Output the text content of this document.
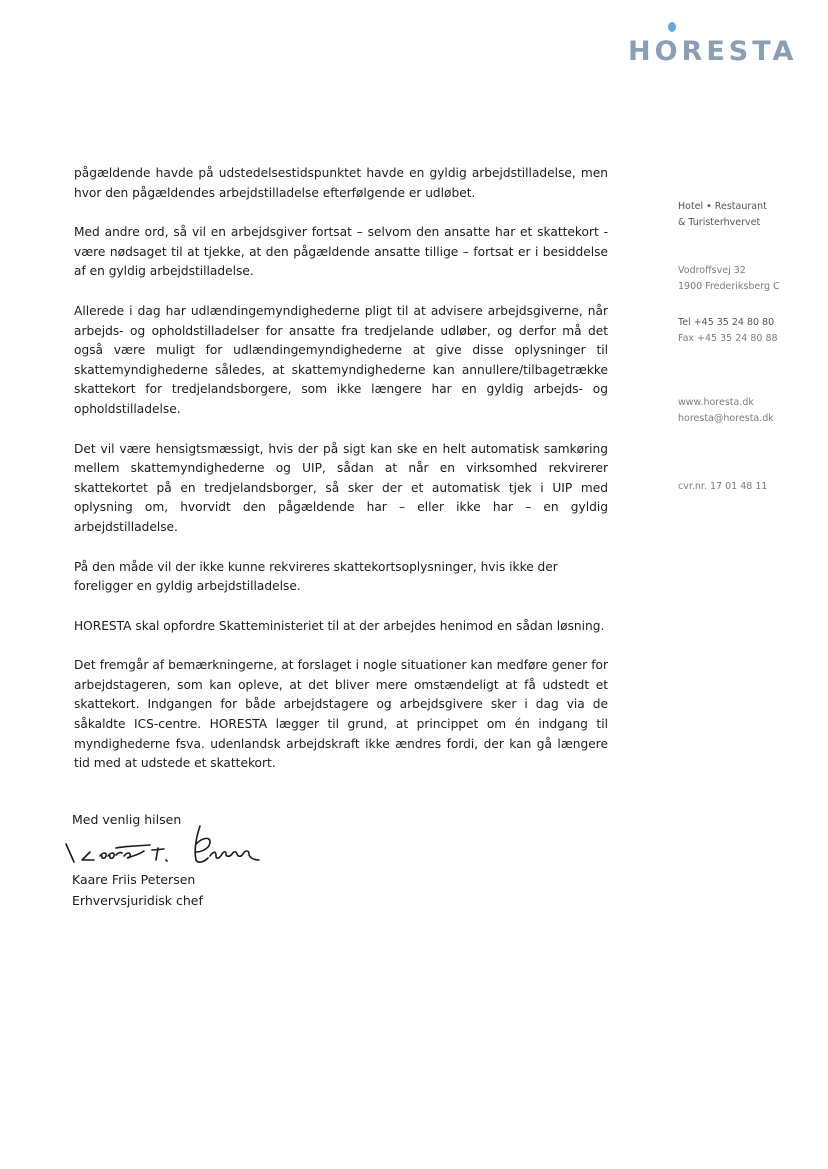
HORESTA
Hotel • Restaurant
& Turisterhvervet
Vodroffsvej 32
1900 Frederiksberg C
Tel +45 35 24 80 80
Fax +45 35 24 80 88
www.horesta.dk
horesta@horesta.dk
cvr.nr. 17 01 48 11

pågældende havde på udstedelsestidspunktet havde en gyldig arbejdstilladelse, men hvor den pågældendes arbejdstilladelse efterfølgende er udløbet.

Med andre ord, så vil en arbejdsgiver fortsat – selvom den ansatte har et skattekort - være nødsaget til at tjekke, at den pågældende ansatte tillige – fortsat er i besiddelse af en gyldig arbejdstilladelse.

Allerede i dag har udlændingemyndighederne pligt til at advisere arbejdsgiverne, når arbejds- og opholdstilladelser for ansatte fra tredjelande udløber, og derfor må det også være muligt for udlændingemyndighederne at give disse oplysninger til skattemyndighederne således, at skattemyndighederne kan annullere/tilbagetrække skattekort for tredjelandsborgere, som ikke længere har en gyldig arbejds- og opholdstilladelse.

Det vil være hensigtsmæssigt, hvis der på sigt kan ske en helt automatisk samkøring mellem skattemyndighederne og UIP, sådan at når en virksomhed rekvirerer skattekortet på en tredjelandsborger, så sker der et automatisk tjek i UIP med oplysning om, hvorvidt den pågældende har – eller ikke har – en gyldig arbejdstilladelse.

På den måde vil der ikke kunne rekvireres skattekortsoplysninger, hvis ikke der foreligger en gyldig arbejdstilladelse.

HORESTA skal opfordre Skatteministeriet til at der arbejdes henimod en sådan løsning.

Det fremgår af bemærkningerne, at forslaget i nogle situationer kan medføre gener for arbejdstageren, som kan opleve, at det bliver mere omstændeligt at få udstedt et skattekort. Indgangen for både arbejdstagere og arbejdsgivere sker i dag via de såkaldte ICS-centre. HORESTA lægger til grund, at princippet om én indgang til myndighederne fsva. udenlandsk arbejdskraft ikke ændres fordi, der kan gå længere tid med at udstede et skattekort.

Med venlig hilsen
Kaare Friis Petersen
Erhvervsjuridisk chef
